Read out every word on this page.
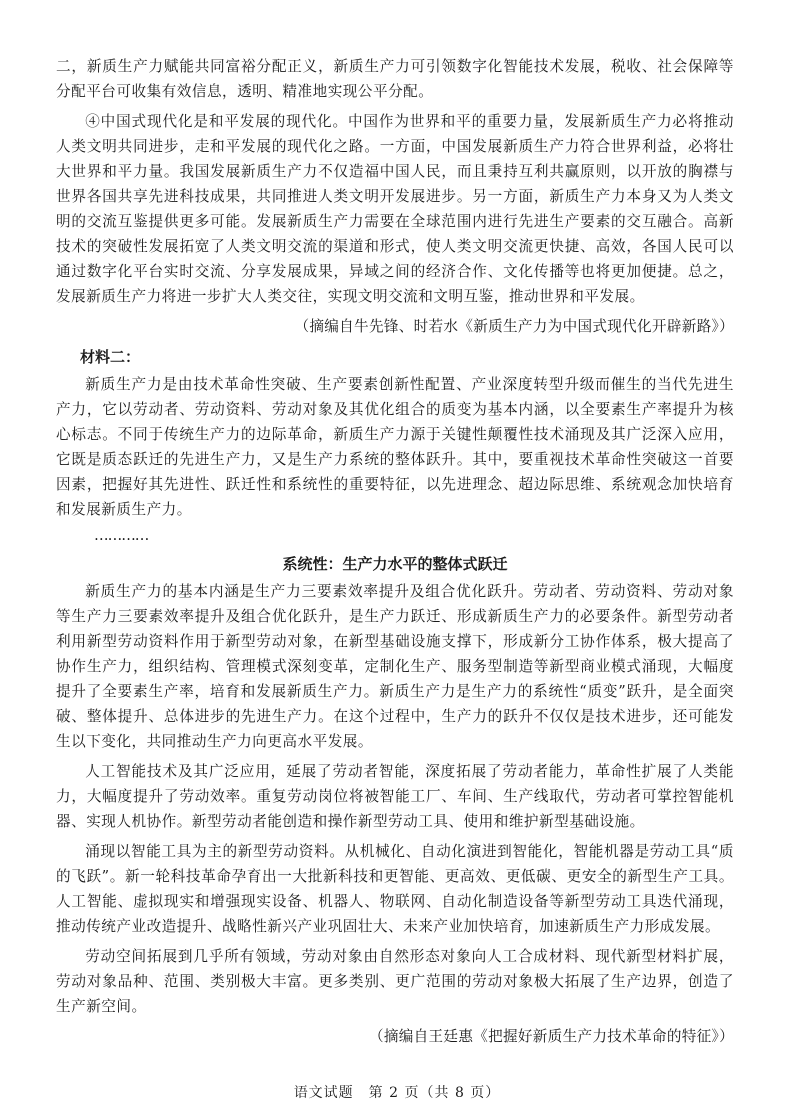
二，新质生产力赋能共同富裕分配正义，新质生产力可引领数字化智能技术发展，税收、社会保障等分配平台可收集有效信息，透明、精准地实现公平分配。

④中国式现代化是和平发展的现代化。中国作为世界和平的重要力量，发展新质生产力必将推动人类文明共同进步，走和平发展的现代化之路。一方面，中国发展新质生产力符合世界利益，必将壮大世界和平力量。我国发展新质生产力不仅造福中国人民，而且秉持互利共赢原则，以开放的胸襟与世界各国共享先进科技成果，共同推进人类文明开发展进步。另一方面，新质生产力本身又为人类文明的交流互鉴提供更多可能。发展新质生产力需要在全球范围内进行先进生产要素的交互融合。高新技术的突破性发展拓宽了人类文明交流的渠道和形式，使人类文明交流更快捷、高效，各国人民可以通过数字化平台实时交流、分享发展成果，异域之间的经济合作、文化传播等也将更加便捷。总之，发展新质生产力将进一步扩大人类交往，实现文明交流和文明互鉴，推动世界和平发展。

（摘编自牛先锋、时若水《新质生产力为中国式现代化开辟新路》）
材料二：

新质生产力是由技术革命性突破、生产要素创新性配置、产业深度转型升级而催生的当代先进生产力，它以劳动者、劳动资料、劳动对象及其优化组合的质变为基本内涵，以全要素生产率提升为核心标志。不同于传统生产力的边际革命，新质生产力源于关键性颠覆性技术涌现及其广泛深入应用，它既是质态跃迁的先进生产力，又是生产力系统的整体跃升。其中，要重视技术革命性突破这一首要因素，把握好其先进性、跃迁性和系统性的重要特征，以先进理念、超边际思维、系统观念加快培育和发展新质生产力。

…………
系统性：生产力水平的整体式跃迁

新质生产力的基本内涵是生产力三要素效率提升及组合优化跃升。劳动者、劳动资料、劳动对象等生产力三要素效率提升及组合优化跃升，是生产力跃迁、形成新质生产力的必要条件。新型劳动者利用新型劳动资料作用于新型劳动对象，在新型基础设施支撑下，形成新分工协作体系，极大提高了协作生产力，组织结构、管理模式深刻变革，定制化生产、服务型制造等新型商业模式涌现，大幅度提升了全要素生产率，培育和发展新质生产力。新质生产力是生产力的系统性“质变”跃升，是全面突破、整体提升、总体进步的先进生产力。在这个过程中，生产力的跃升不仅仅是技术进步，还可能发生以下变化，共同推动生产力向更高水平发展。

人工智能技术及其广泛应用，延展了劳动者智能，深度拓展了劳动者能力，革命性扩展了人类能力，大幅度提升了劳动效率。重复劳动岗位将被智能工厂、车间、生产线取代，劳动者可掌控智能机器、实现人机协作。新型劳动者能创造和操作新型劳动工具、使用和维护新型基础设施。

涌现以智能工具为主的新型劳动资料。从机械化、自动化演进到智能化，智能机器是劳动工具“质的飞跃”。新一轮科技革命孕育出一大批新科技和更智能、更高效、更低碳、更安全的新型生产工具。人工智能、虚拟现实和增强现实设备、机器人、物联网、自动化制造设备等新型劳动工具迭代涌现，推动传统产业改造提升、战略性新兴产业巩固壮大、未来产业加快培育，加速新质生产力形成发展。

劳动空间拓展到几乎所有领域，劳动对象由自然形态对象向人工合成材料、现代新型材料扩展，劳动对象品种、范围、类别极大丰富。更多类别、更广范围的劳动对象极大拓展了生产边界，创造了生产新空间。

（摘编自王廷惠《把握好新质生产力技术革命的特征》）
语文试题　第 2 页（共 8 页）
